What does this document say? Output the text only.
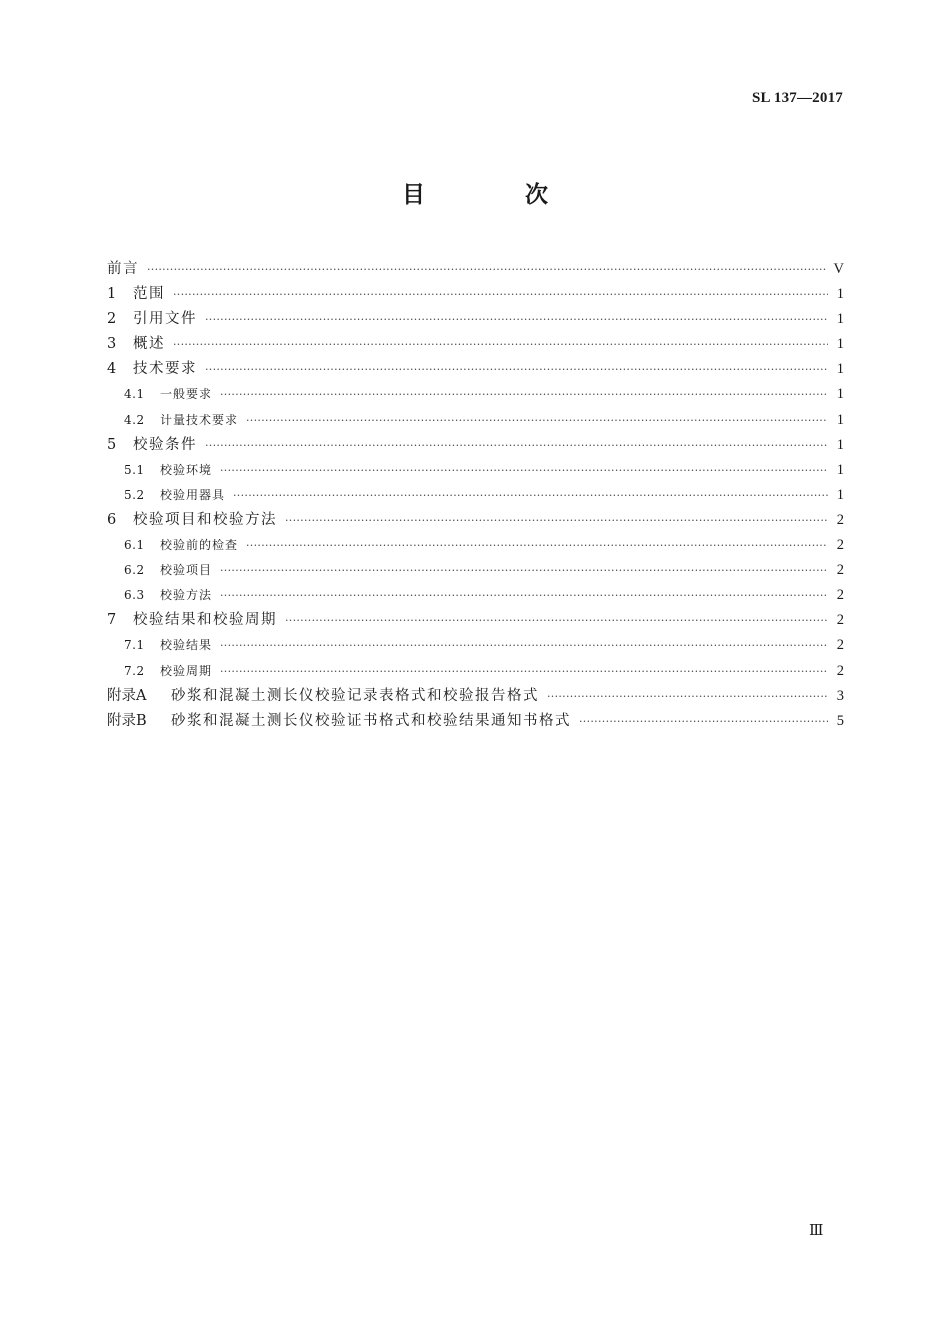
SL 137—2017
目 次
前言 ·····	V
1	范围 ·····	1
2	引用文件 ·····	1
3	概述 ·····	1
4	技术要求 ·····	1
4.1	一般要求 ·····	1
4.2	计量技术要求 ·····	1
5	校验条件 ·····	1
5.1	校验环境 ·····	1
5.2	校验用器具 ·····	1
6	校验项目和校验方法 ·····	2
6.1	校验前的检查 ·····	2
6.2	校验项目 ·····	2
6.3	校验方法 ·····	2
7	校验结果和校验周期 ·····	2
7.1	校验结果 ·····	2
7.2	校验周期 ·····	2
附录A	砂浆和混凝土测长仪校验记录表格式和校验报告格式 ·····	3
附录B	砂浆和混凝土测长仪校验证书格式和校验结果通知书格式 ·····	5
Ⅲ
